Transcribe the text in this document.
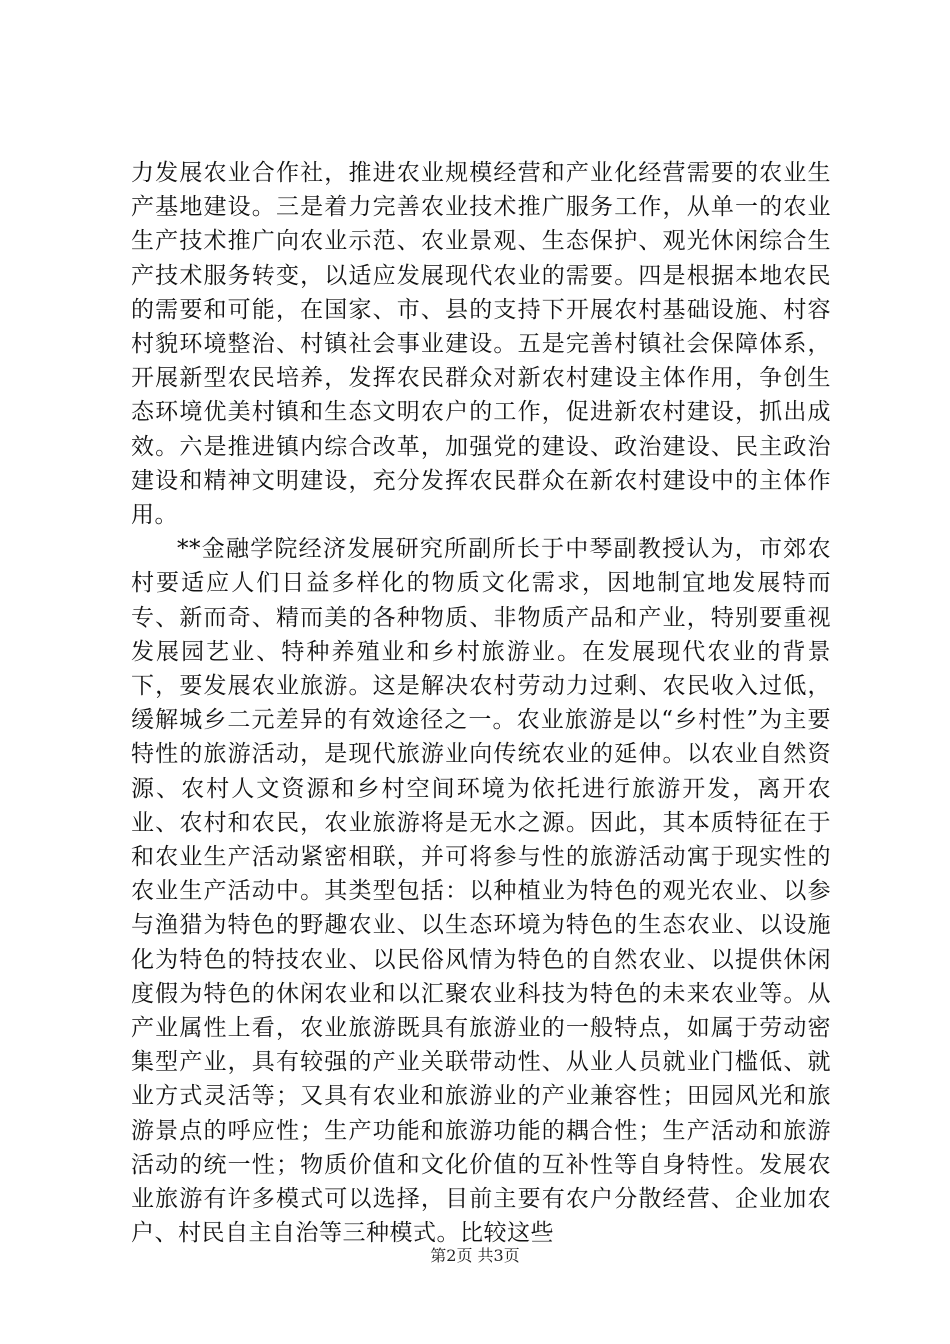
力发展农业合作社，推进农业规模经营和产业化经营需要的农业生产基地建设。三是着力完善农业技术推广服务工作，从单一的农业生产技术推广向农业示范、农业景观、生态保护、观光休闲综合生产技术服务转变，以适应发展现代农业的需要。四是根据本地农民的需要和可能，在国家、市、县的支持下开展农村基础设施、村容村貌环境整治、村镇社会事业建设。五是完善村镇社会保障体系，开展新型农民培养，发挥农民群众对新农村建设主体作用，争创生态环境优美村镇和生态文明农户的工作，促进新农村建设，抓出成效。六是推进镇内综合改革，加强党的建设、政治建设、民主政治建设和精神文明建设，充分发挥农民群众在新农村建设中的主体作用。

**金融学院经济发展研究所副所长于中琴副教授认为，市郊农村要适应人们日益多样化的物质文化需求，因地制宜地发展特而专、新而奇、精而美的各种物质、非物质产品和产业，特别要重视发展园艺业、特种养殖业和乡村旅游业。在发展现代农业的背景下，要发展农业旅游。这是解决农村劳动力过剩、农民收入过低，缓解城乡二元差异的有效途径之一。农业旅游是以“乡村性”为主要特性的旅游活动，是现代旅游业向传统农业的延伸。以农业自然资源、农村人文资源和乡村空间环境为依托进行旅游开发，离开农业、农村和农民，农业旅游将是无水之源。因此，其本质特征在于和农业生产活动紧密相联，并可将参与性的旅游活动寓于现实性的农业生产活动中。其类型包括：以种植业为特色的观光农业、以参与渔猎为特色的野趣农业、以生态环境为特色的生态农业、以设施化为特色的特技农业、以民俗风情为特色的自然农业、以提供休闲度假为特色的休闲农业和以汇聚农业科技为特色的未来农业等。从产业属性上看，农业旅游既具有旅游业的一般特点，如属于劳动密集型产业，具有较强的产业关联带动性、从业人员就业门槛低、就业方式灵活等；又具有农业和旅游业的产业兼容性；田园风光和旅游景点的呼应性；生产功能和旅游功能的耦合性；生产活动和旅游活动的统一性；物质价值和文化价值的互补性等自身特性。发展农业旅游有许多模式可以选择，目前主要有农户分散经营、企业加农户、村民自主自治等三种模式。比较这些

第2页 共3页
